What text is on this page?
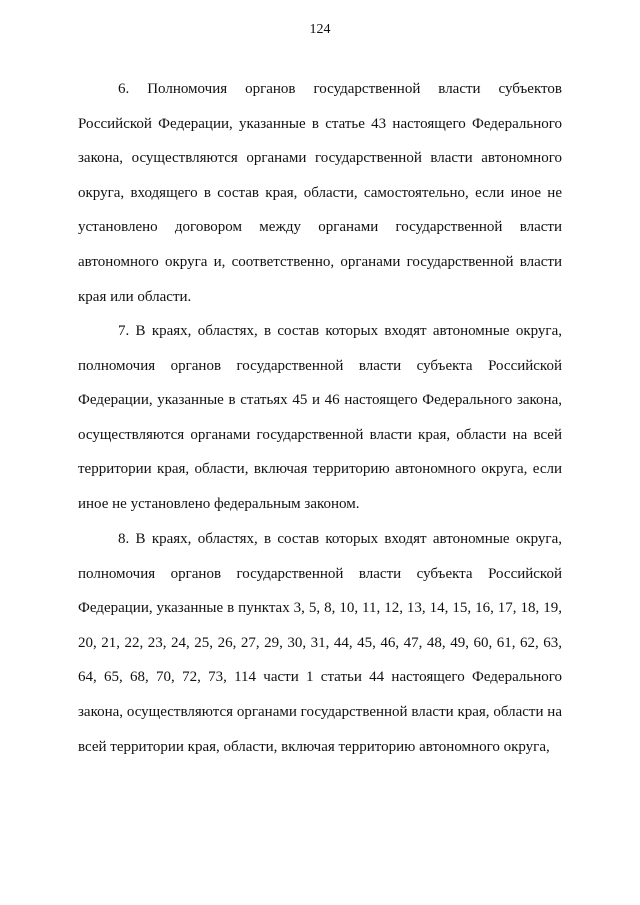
124

6. Полномочия органов государственной власти субъектов Российской Федерации, указанные в статье 43 настоящего Федерального закона, осуществляются органами государственной власти автономного округа, входящего в состав края, области, самостоятельно, если иное не установлено договором между органами государственной власти автономного округа и, соответственно, органами государственной власти края или области.

7. В краях, областях, в состав которых входят автономные округа, полномочия органов государственной власти субъекта Российской Федерации, указанные в статьях 45 и 46 настоящего Федерального закона, осуществляются органами государственной власти края, области на всей территории края, области, включая территорию автономного округа, если иное не установлено федеральным законом.

8. В краях, областях, в состав которых входят автономные округа, полномочия органов государственной власти субъекта Российской Федерации, указанные в пунктах 3, 5, 8, 10, 11, 12, 13, 14, 15, 16, 17, 18, 19, 20, 21, 22, 23, 24, 25, 26, 27, 29, 30, 31, 44, 45, 46, 47, 48, 49, 60, 61, 62, 63, 64, 65, 68, 70, 72, 73, 114 части 1 статьи 44 настоящего Федерального закона, осуществляются органами государственной власти края, области на всей территории края, области, включая территорию автономного округа,
